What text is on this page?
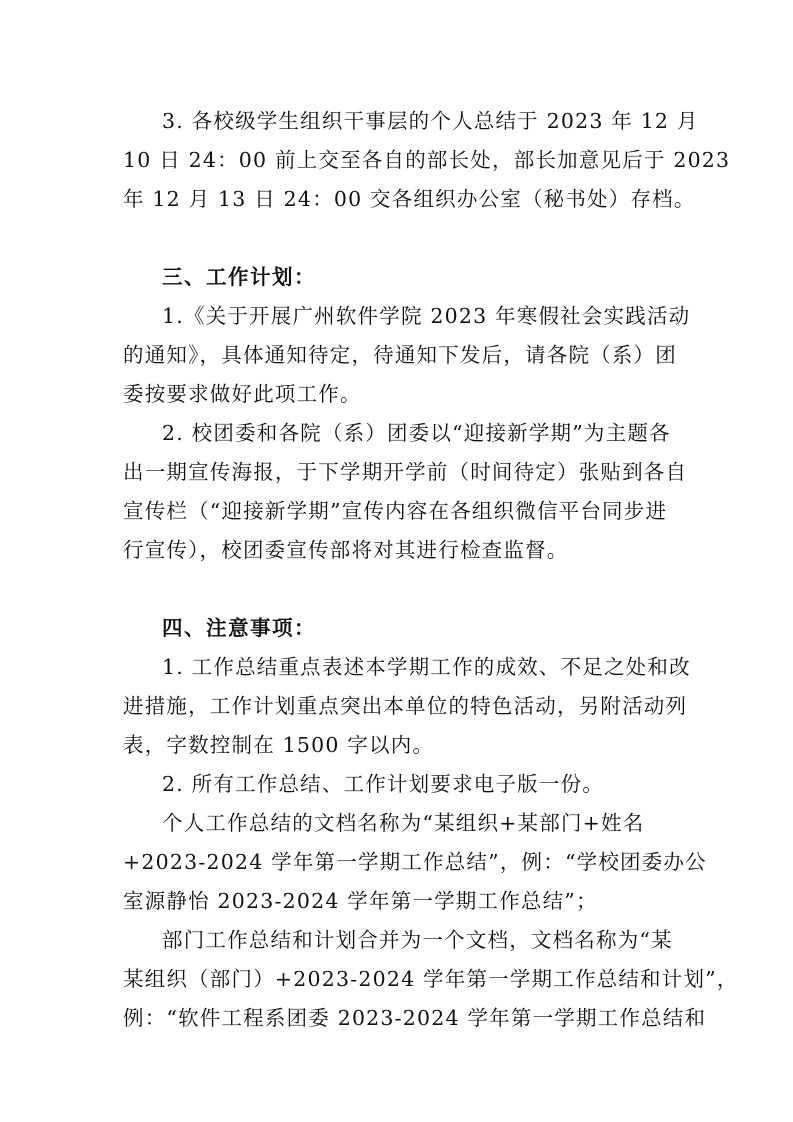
3. 各校级学生组织干事层的个人总结于 2023 年 12 月
10 日 24：00 前上交至各自的部长处，部长加意见后于 2023
年 12 月 13 日 24：00 交各组织办公室（秘书处）存档。
三、工作计划：
1.《关于开展广州软件学院 2023 年寒假社会实践活动
的通知》，具体通知待定，待通知下发后，请各院（系）团
委按要求做好此项工作。
2. 校团委和各院（系）团委以“迎接新学期”为主题各
出一期宣传海报，于下学期开学前（时间待定）张贴到各自
宣传栏（“迎接新学期”宣传内容在各组织微信平台同步进
行宣传），校团委宣传部将对其进行检查监督。
四、注意事项：
1. 工作总结重点表述本学期工作的成效、不足之处和改
进措施，工作计划重点突出本单位的特色活动，另附活动列
表，字数控制在 1500 字以内。
2. 所有工作总结、工作计划要求电子版一份。
个人工作总结的文档名称为“某组织+某部门+姓名
+2023-2024 学年第一学期工作总结”，例：“学校团委办公
室源静怡 2023-2024 学年第一学期工作总结”；
部门工作总结和计划合并为一个文档，文档名称为“某
某组织（部门）+2023-2024 学年第一学期工作总结和计划”，
例：“软件工程系团委 2023-2024 学年第一学期工作总结和
